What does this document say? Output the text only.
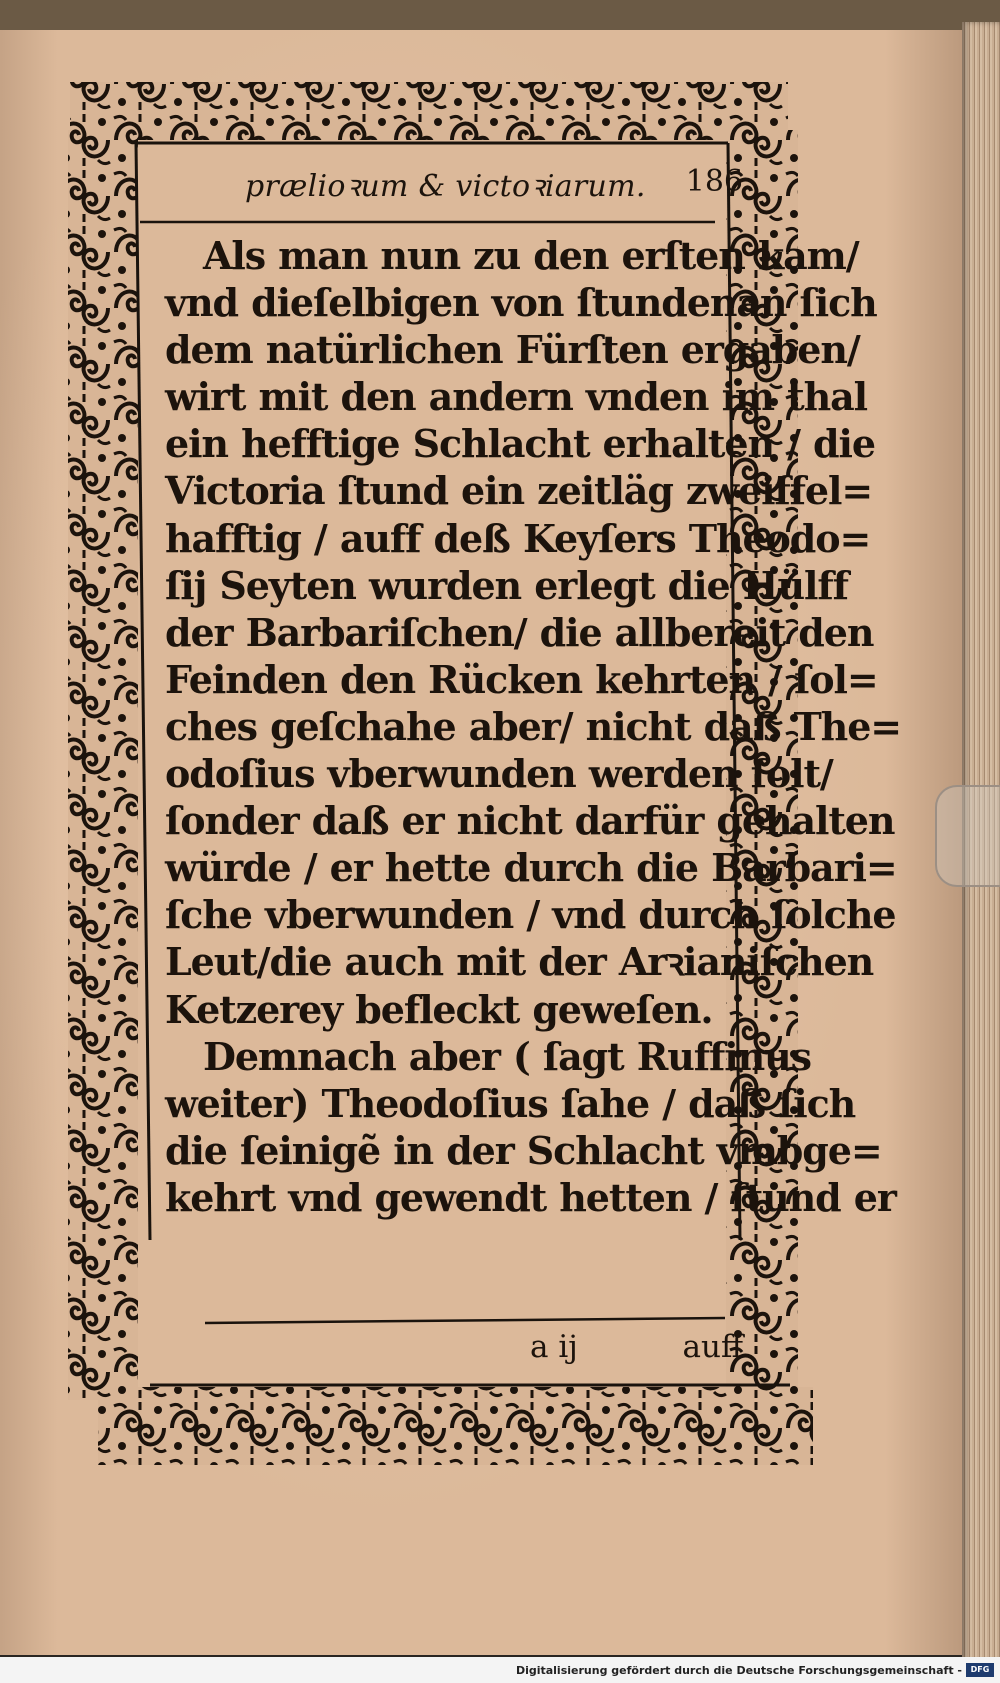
prælioꝛum & victoꝛiarum. 186
Als man nun zu den erſten kam/
vnd dieſelbigen von ſtundenan ſich
dem natürlichen Fürſten ergaben/
wirt mit den andern vnden im thal
ein hefftige Schlacht erhalten / die
Victoria ſtund ein zeitläg zweiffel=
hafftig / auff deß Keyſers Theodo=
ſij Seyten wurden erlegt die Hülff
der Barbariſchen/ die allbereit den
Feinden den Rücken kehrten / ſol=
ches geſchahe aber/ nicht daß The=
odoſius vberwunden werden ſolt/
ſonder daß er nicht darfür gehalten
würde / er hette durch die Barbari=
ſche vberwunden / vnd durch ſolche
Leut/die auch mit der Arꝛianiſchen
Ketzerey befleckt geweſen.
Demnach aber ( ſagt Ruffinus
weiter) Theodoſius ſahe / daß ſich
die ſeinigẽ in der Schlacht vmbge=
kehrt vnd gewendt hetten / ſtund er
a ij	auff
Digitalisierung gefördert durch die Deutsche Forschungsgemeinschaft -	DFG
